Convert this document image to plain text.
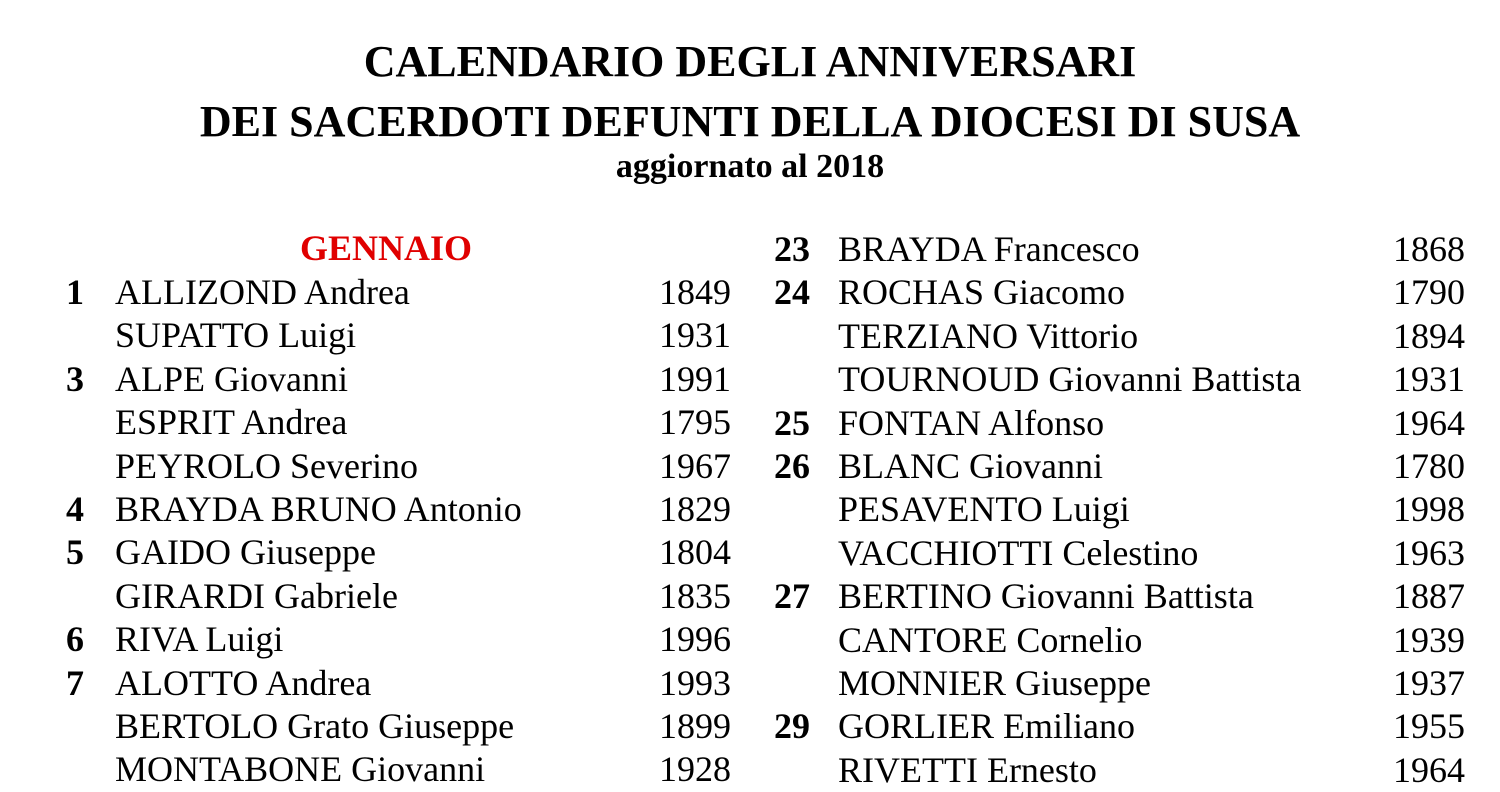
CALENDARIO DEGLI ANNIVERSARI
DEI SACERDOTI DEFUNTI DELLA DIOCESI DI SUSA
aggiornato al 2018
GENNAIO
1 ALLIZOND Andrea	1849
SUPATTO Luigi	1931
3 ALPE Giovanni	1991
ESPRIT Andrea	1795
PEYROLO Severino	1967
4 BRAYDA BRUNO Antonio	1829
5 GAIDO Giuseppe	1804
GIRARDI Gabriele	1835
6 RIVA Luigi	1996
7 ALOTTO Andrea	1993
BERTOLO Grato Giuseppe	1899
MONTABONE Giovanni	1928
23 BRAYDA Francesco	1868
24 ROCHAS Giacomo	1790
TERZIANO Vittorio	1894
TOURNOUD Giovanni Battista	1931
25 FONTAN Alfonso	1964
26 BLANC Giovanni	1780
PESAVENTO Luigi	1998
VACCHIOTTI Celestino	1963
27 BERTINO Giovanni Battista	1887
CANTORE Cornelio	1939
MONNIER Giuseppe	1937
29 GORLIER Emiliano	1955
RIVETTI Ernesto	1964
